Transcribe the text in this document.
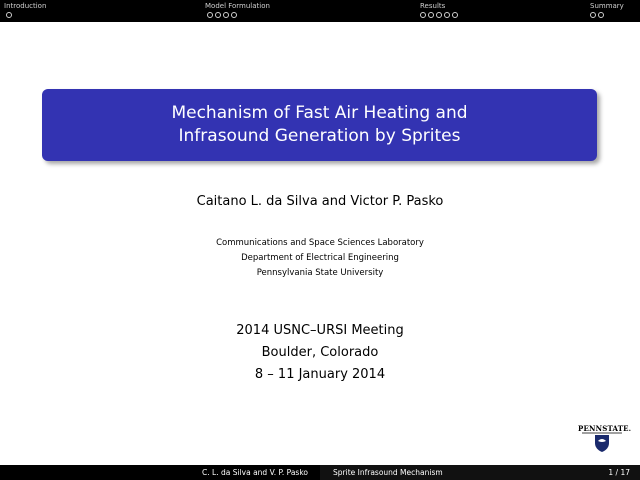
Introduction	Model Formulation	Results	Summary
Mechanism of Fast Air Heating and
Infrasound Generation by Sprites
Caitano L. da Silva and Victor P. Pasko
Communications and Space Sciences Laboratory
Department of Electrical Engineering
Pennsylvania State University
2014 USNC–URSI Meeting
Boulder, Colorado
8 – 11 January 2014
PENNSTATE.
C. L. da Silva and V. P. Pasko	Sprite Infrasound Mechanism	1 / 17
